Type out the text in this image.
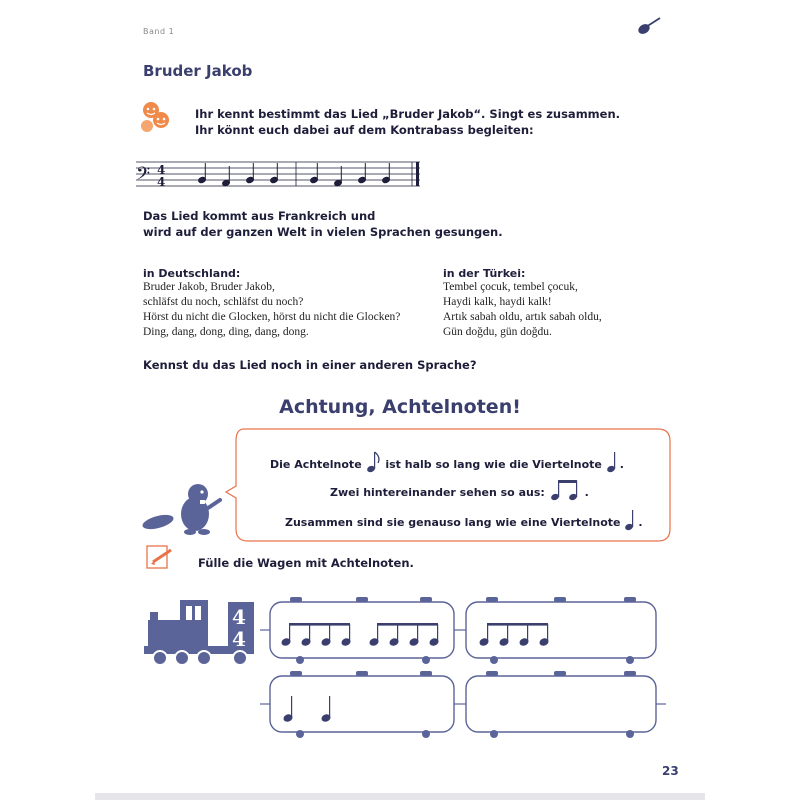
Band 1
Bruder Jakob
Ihr kennt bestimmt das Lied „Bruder Jakob“. Singt es zusammen.
Ihr könnt euch dabei auf dem Kontrabass begleiten:
𝄢 4
4
Das Lied kommt aus Frankreich und
wird auf der ganzen Welt in vielen Sprachen gesungen.
in Deutschland:
Bruder Jakob, Bruder Jakob,
schläfst du noch, schläfst du noch?
Hörst du nicht die Glocken, hörst du nicht die Glocken?
Ding, dang, dong, ding, dang, dong.
in der Türkei:
Tembel çocuk, tembel çocuk,
Haydi kalk, haydi kalk!
Artık sabah oldu, artık sabah oldu,
Gün doğdu, gün doğdu.
Kennst du das Lied noch in einer anderen Sprache?
Achtung, Achtelnoten!
Die Achtelnote ist halb so lang wie die Viertelnote .
Zwei hintereinander sehen so aus:	.
Zusammen sind sie genauso lang wie eine Viertelnote .
Fülle die Wagen mit Achtelnoten.
4
4
23
